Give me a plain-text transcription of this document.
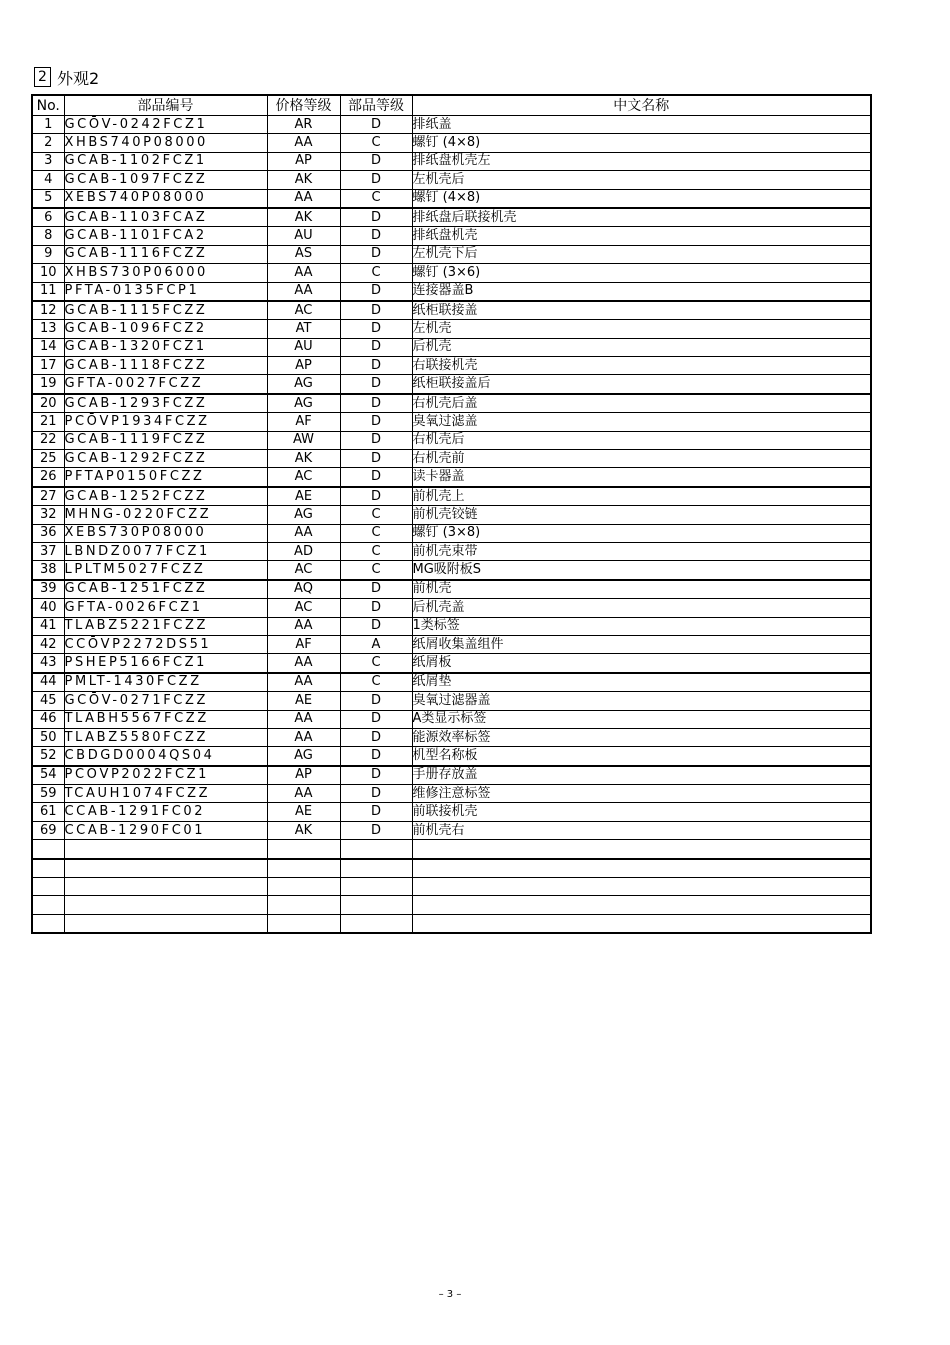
2 外观2
No.	部品编号	价格等级	部品等级	中文名称
1	GCŌV-0242FCZ1	AR	D	排纸盖
2	XHBS740P08000	AA	C	螺钉 (4×8)
3	GCAB-1102FCZ1	AP	D	排纸盘机壳左
4	GCAB-1097FCZZ	AK	D	左机壳后
5	XEBS740P08000	AA	C	螺钉 (4×8)
6	GCAB-1103FCAZ	AK	D	排纸盘后联接机壳
8	GCAB-1101FCA2	AU	D	排纸盘机壳
9	GCAB-1116FCZZ	AS	D	左机壳下后
10	XHBS730P06000	AA	C	螺钉 (3×6)
11	PFTA-0135FCP1	AA	D	连接器盖B
12	GCAB-1115FCZZ	AC	D	纸柜联接盖
13	GCAB-1096FCZ2	AT	D	左机壳
14	GCAB-1320FCZ1	AU	D	后机壳
17	GCAB-1118FCZZ	AP	D	右联接机壳
19	GFTA-0027FCZZ	AG	D	纸柜联接盖后
20	GCAB-1293FCZZ	AG	D	右机壳后盖
21	PCŌVP1934FCZZ	AF	D	臭氧过滤盖
22	GCAB-1119FCZZ	AW	D	右机壳后
25	GCAB-1292FCZZ	AK	D	右机壳前
26	PFTAP0150FCZZ	AC	D	读卡器盖
27	GCAB-1252FCZZ	AE	D	前机壳上
32	MHNG-0220FCZZ	AG	C	前机壳铰链
36	XEBS730P08000	AA	C	螺钉 (3×8)
37	LBNDZ0077FCZ1	AD	C	前机壳束带
38	LPLTM5027FCZZ	AC	C	MG吸附板S
39	GCAB-1251FCZZ	AQ	D	前机壳
40	GFTA-0026FCZ1	AC	D	后机壳盖
41	TLABZ5221FCZZ	AA	D	1类标签
42	CCŌVP2272DS51	AF	A	纸屑收集盖组件
43	PSHEP5166FCZ1	AA	C	纸屑板
44	PMLT-1430FCZZ	AA	C	纸屑垫
45	GCŌV-0271FCZZ	AE	D	臭氧过滤器盖
46	TLABH5567FCZZ	AA	D	A类显示标签
50	TLABZ5580FCZZ	AA	D	能源效率标签
52	CBDGD0004QS04	AG	D	机型名称板
54	PCŌVP2022FCZ1	AP	D	手册存放盖
59	TCAUH1074FCZZ	AA	D	维修注意标签
61	CCAB-1291FC02	AE	D	前联接机壳
69	CCAB-1290FC01	AK	D	前机壳右

– 3 –
